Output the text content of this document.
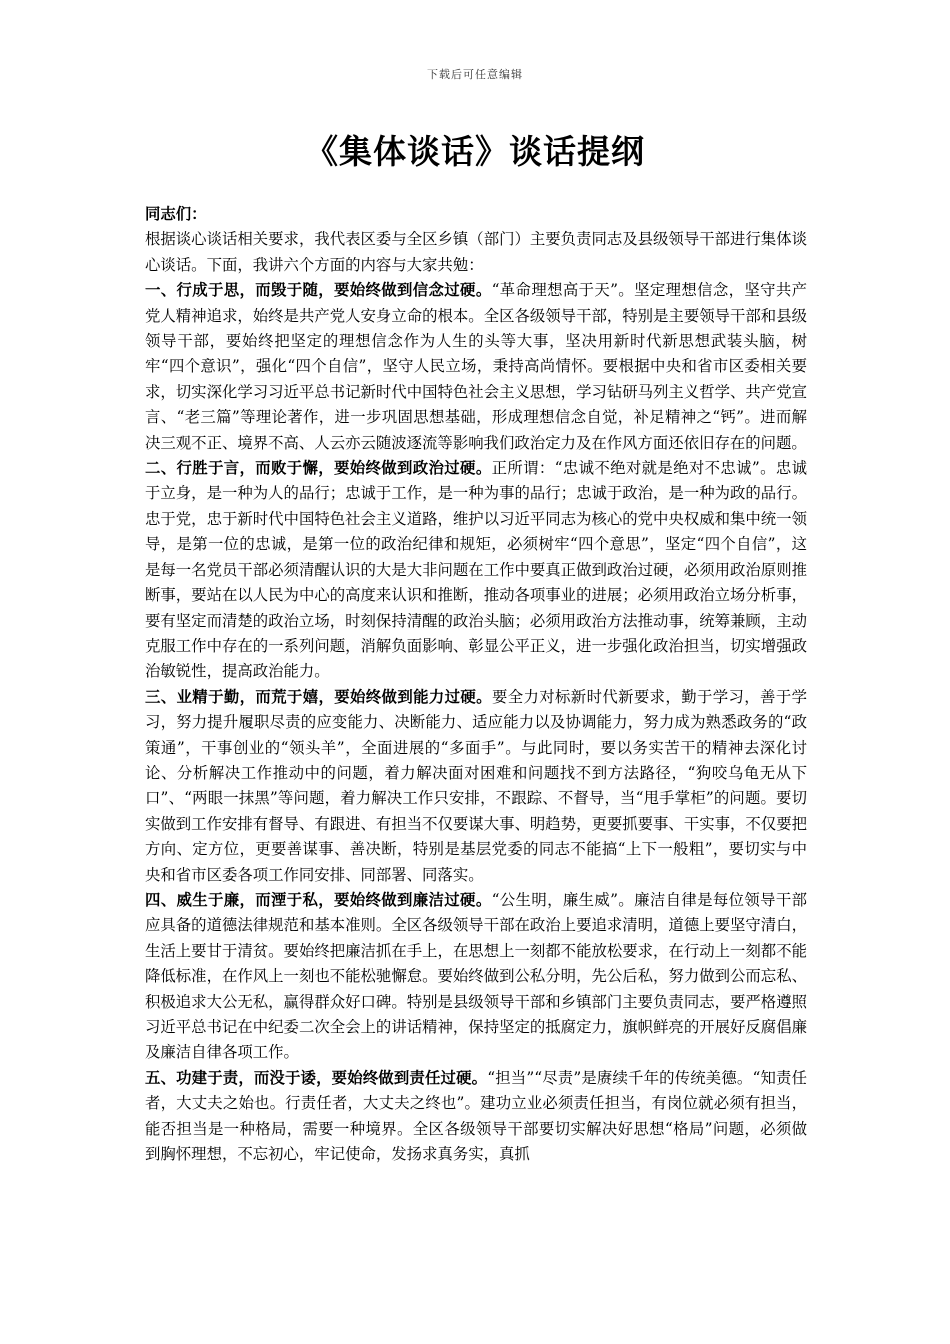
下载后可任意编辑
《集体谈话》谈话提纲

同志们：

根据谈心谈话相关要求，我代表区委与全区乡镇（部门）主要负责同志及县级领导干部进行集体谈心谈话。下面，我讲六个方面的内容与大家共勉：

一、行成于思，而毁于随，要始终做到信念过硬。“革命理想高于天”。坚定理想信念，坚守共产党人精神追求，始终是共产党人安身立命的根本。全区各级领导干部，特别是主要领导干部和县级领导干部，要始终把坚定的理想信念作为人生的头等大事，坚决用新时代新思想武装头脑，树牢“四个意识”，强化“四个自信”，坚守人民立场，秉持高尚情怀。要根据中央和省市区委相关要求，切实深化学习习近平总书记新时代中国特色社会主义思想，学习钻研马列主义哲学、共产党宣言、“老三篇”等理论著作，进一步巩固思想基础，形成理想信念自觉，补足精神之“钙”。进而解决三观不正、境界不高、人云亦云随波逐流等影响我们政治定力及在作风方面还依旧存在的问题。

二、行胜于言，而败于懈，要始终做到政治过硬。正所谓：“忠诚不绝对就是绝对不忠诚”。忠诚于立身，是一种为人的品行；忠诚于工作，是一种为事的品行；忠诚于政治，是一种为政的品行。忠于党，忠于新时代中国特色社会主义道路，维护以习近平同志为核心的党中央权威和集中统一领导，是第一位的忠诚，是第一位的政治纪律和规矩，必须树牢“四个意思”，坚定“四个自信”，这是每一名党员干部必须清醒认识的大是大非问题在工作中要真正做到政治过硬，必须用政治原则推断事，要站在以人民为中心的高度来认识和推断，推动各项事业的进展；必须用政治立场分析事，要有坚定而清楚的政治立场，时刻保持清醒的政治头脑；必须用政治方法推动事，统筹兼顾，主动克服工作中存在的一系列问题，消解负面影响、彰显公平正义，进一步强化政治担当，切实增强政治敏锐性，提高政治能力。

三、业精于勤，而荒于嬉，要始终做到能力过硬。要全力对标新时代新要求，勤于学习，善于学习，努力提升履职尽责的应变能力、决断能力、适应能力以及协调能力，努力成为熟悉政务的“政策通”，干事创业的“领头羊”，全面进展的“多面手”。与此同时，要以务实苦干的精神去深化讨论、分析解决工作推动中的问题，着力解决面对困难和问题找不到方法路径，“狗咬乌龟无从下口”、“两眼一抹黑”等问题，着力解决工作只安排，不跟踪、不督导，当“甩手掌柜”的问题。要切实做到工作安排有督导、有跟进、有担当不仅要谋大事、明趋势，更要抓要事、干实事，不仅要把方向、定方位，更要善谋事、善决断，特别是基层党委的同志不能搞“上下一般粗”，要切实与中央和省市区委各项工作同安排、同部署、同落实。

四、威生于廉，而湮于私，要始终做到廉洁过硬。“公生明，廉生威”。廉洁自律是每位领导干部应具备的道德法律规范和基本准则。全区各级领导干部在政治上要追求清明，道德上要坚守清白，生活上要甘于清贫。要始终把廉洁抓在手上，在思想上一刻都不能放松要求，在行动上一刻都不能降低标准，在作风上一刻也不能松驰懈怠。要始终做到公私分明，先公后私，努力做到公而忘私、积极追求大公无私，赢得群众好口碑。特别是县级领导干部和乡镇部门主要负责同志，要严格遵照习近平总书记在中纪委二次全会上的讲话精神，保持坚定的抵腐定力，旗帜鲜亮的开展好反腐倡廉及廉洁自律各项工作。

五、功建于责，而没于诿，要始终做到责任过硬。“担当”“尽责”是赓续千年的传统美德。“知责任者，大丈夫之始也。行责任者，大丈夫之终也”。建功立业必须责任担当，有岗位就必须有担当，能否担当是一种格局，需要一种境界。全区各级领导干部要切实解决好思想“格局”问题，必须做到胸怀理想，不忘初心，牢记使命，发扬求真务实，真抓
